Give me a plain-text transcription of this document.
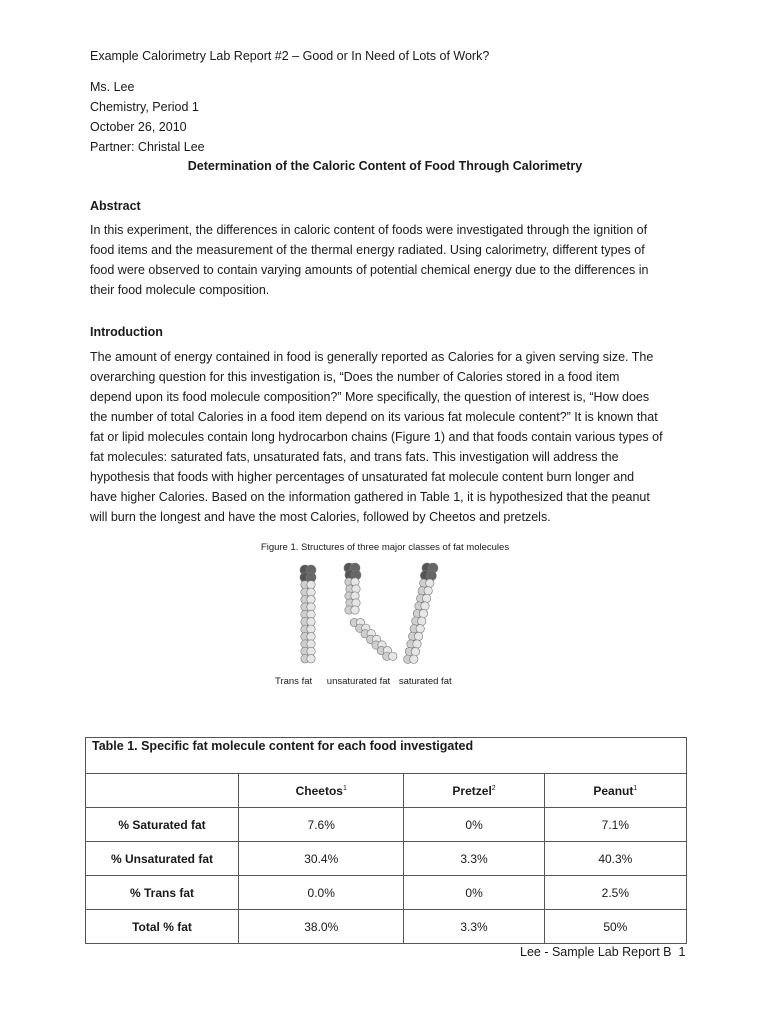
Example Calorimetry Lab Report #2 – Good or In Need of Lots of Work?

Ms. Lee
Chemistry, Period 1
October 26, 2010
Partner: Christal Lee

Determination of the Caloric Content of Food Through Calorimetry

Abstract

In this experiment, the differences in caloric content of foods were investigated through the ignition of
food items and the measurement of the thermal energy radiated. Using calorimetry, different types of
food were observed to contain varying amounts of potential chemical energy due to the differences in
their food molecule composition.

Introduction

The amount of energy contained in food is generally reported as Calories for a given serving size. The
overarching question for this investigation is, “Does the number of Calories stored in a food item
depend upon its food molecule composition?” More specifically, the question of interest is, “How does
the number of total Calories in a food item depend on its various fat molecule content?” It is known that
fat or lipid molecules contain long hydrocarbon chains (Figure 1) and that foods contain various types of
fat molecules: saturated fats, unsaturated fats, and trans fats. This investigation will address the
hypothesis that foods with higher percentages of unsaturated fat molecule content burn longer and
have higher Calories. Based on the information gathered in Table 1, it is hypothesized that the peanut
will burn the longest and have the most Calories, followed by Cheetos and pretzels.
Figure 1. Structures of three major classes of fat molecules
Trans fat unsaturated fat saturated fat
Table 1. Specific fat molecule content for each food investigated			
	Cheetos$^1$	Pretzel$^2$	Peanut$^1$
% Saturated fat	7.6%	0%	7.1%
% Unsaturated fat	30.4%	3.3%	40.3%
% Trans fat	0.0%	0%	2.5%
Total % fat	38.0%	3.3%	50%
Lee - Sample Lab Report B 1
